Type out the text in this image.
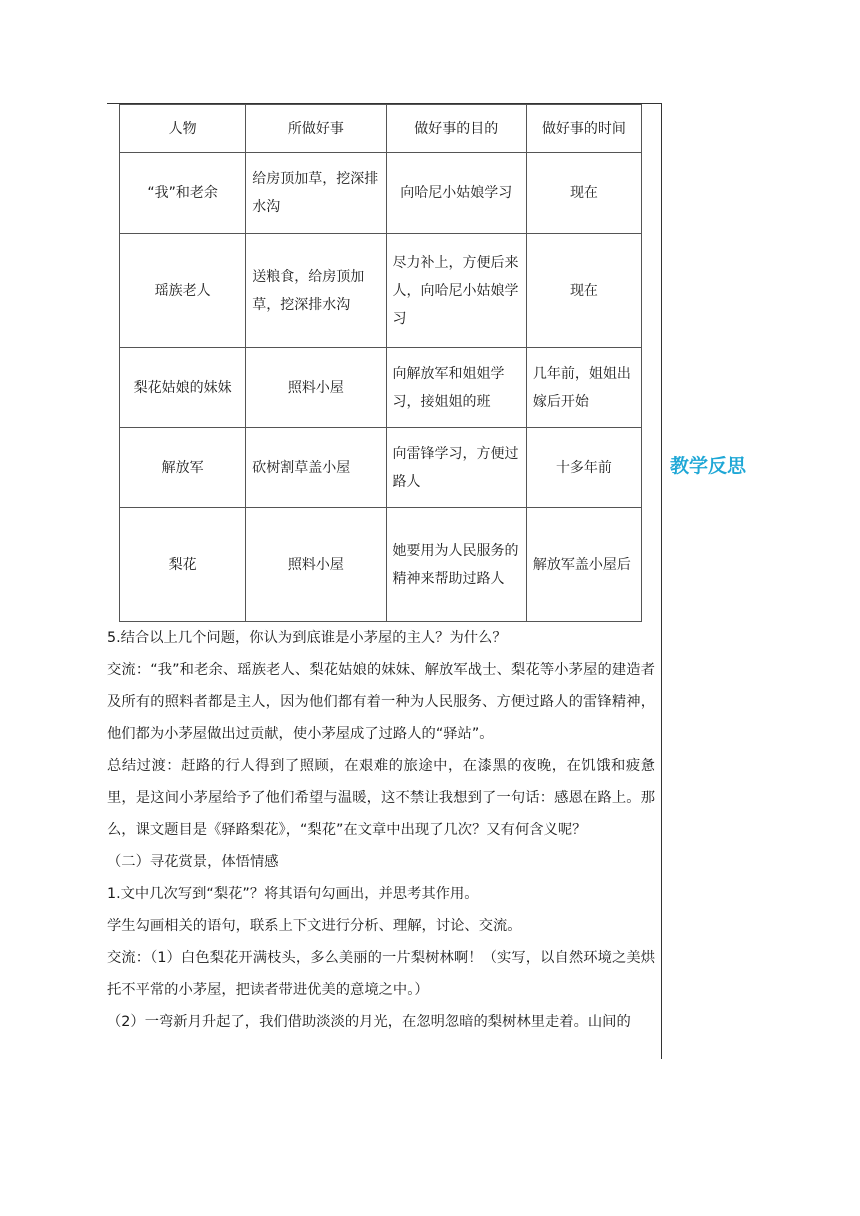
人物	所做好事	做好事的目的	做好事的时间
“我”和老余	给房顶加草，挖深排水沟	向哈尼小姑娘学习	现在
瑶族老人	送粮食，给房顶加草，挖深排水沟	尽力补上，方便后来人，向哈尼小姑娘学习	现在
梨花姑娘的妹妹	照料小屋	向解放军和姐姐学习，接姐姐的班	几年前，姐姐出嫁后开始
解放军	砍树割草盖小屋	向雷锋学习，方便过路人	十多年前
梨花	照料小屋	她要用为人民服务的精神来帮助过路人	解放军盖小屋后
教学反思

5.结合以上几个问题，你认为到底谁是小茅屋的主人？为什么？

交流：“我”和老余、瑶族老人、梨花姑娘的妹妹、解放军战士、梨花等小茅屋的建造者及所有的照料者都是主人，因为他们都有着一种为人民服务、方便过路人的雷锋精神，他们都为小茅屋做出过贡献，使小茅屋成了过路人的“驿站”。

总结过渡：赶路的行人得到了照顾，在艰难的旅途中，在漆黑的夜晚，在饥饿和疲惫里，是这间小茅屋给予了他们希望与温暖，这不禁让我想到了一句话：感恩在路上。那么，课文题目是《驿路梨花》，“梨花”在文章中出现了几次？又有何含义呢？

（二）寻花赏景，体悟情感

1.文中几次写到“梨花”？将其语句勾画出，并思考其作用。

学生勾画相关的语句，联系上下文进行分析、理解，讨论、交流。

交流：（1）白色梨花开满枝头，多么美丽的一片梨树林啊！（实写，以自然环境之美烘托不平常的小茅屋，把读者带进优美的意境之中。）

（2）一弯新月升起了，我们借助淡淡的月光，在忽明忽暗的梨树林里走着。山间的
